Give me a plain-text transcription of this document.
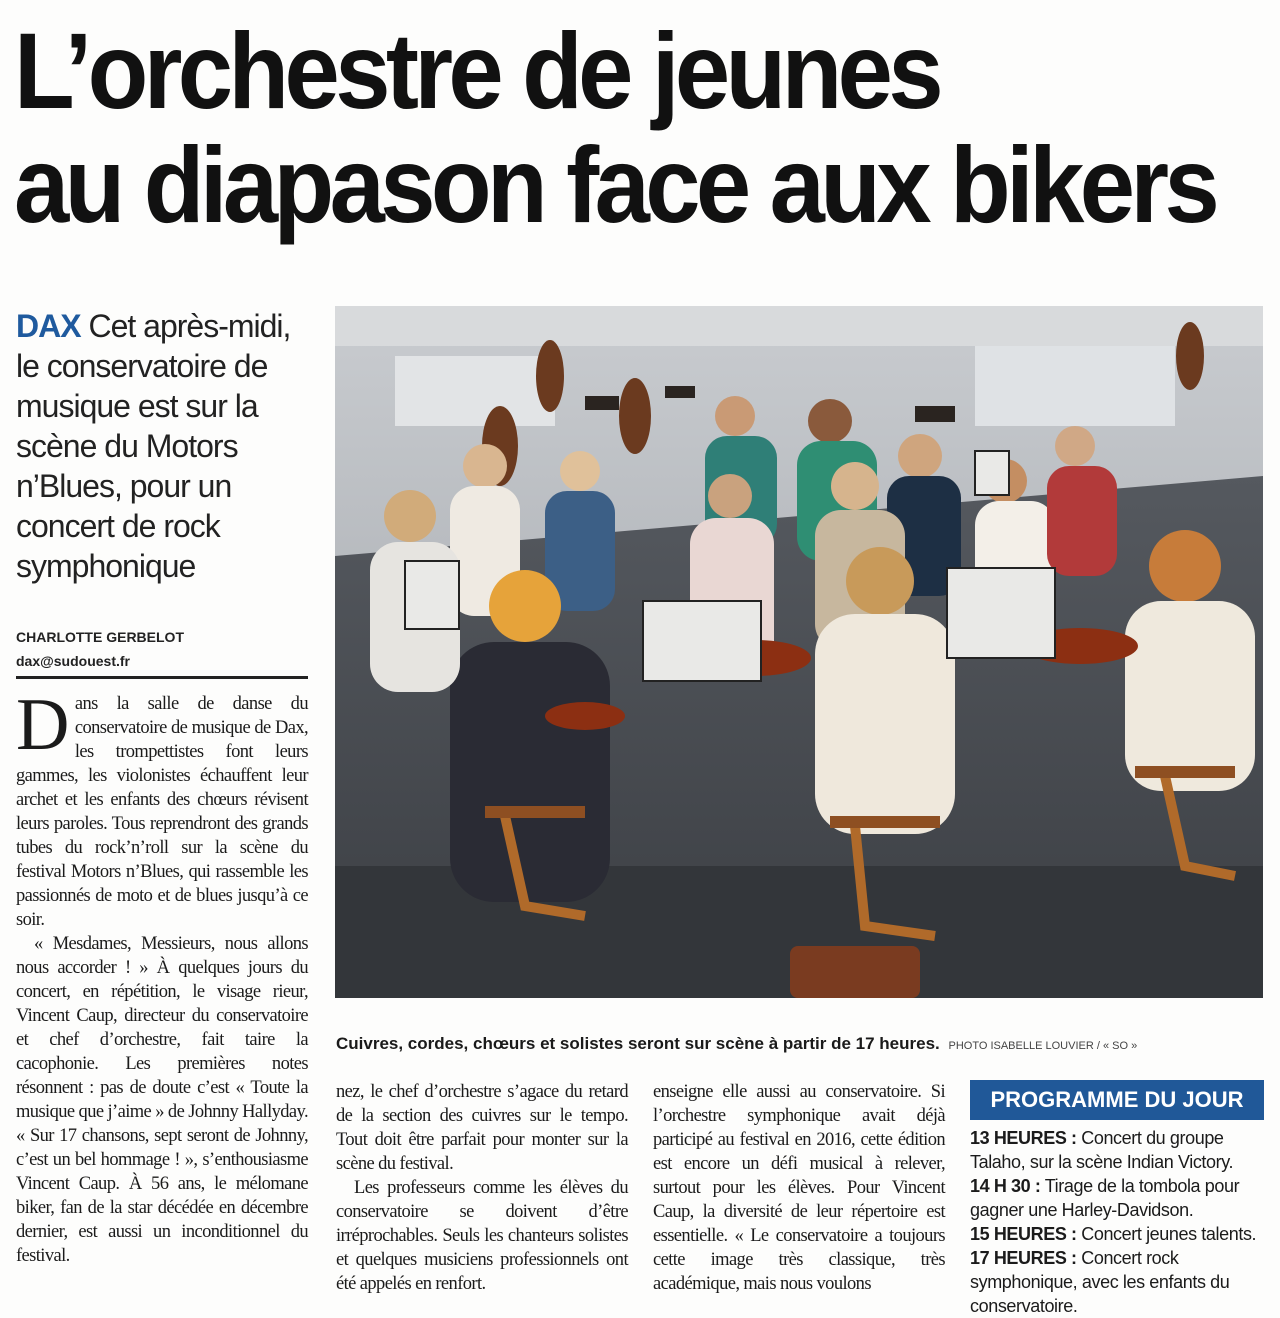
L’orchestre de jeunes
au diapason face aux bikers
DAX Cet après-midi, le conservatoire de musique est sur la scène du Motors n’Blues, pour un concert de rock symphonique
CHARLOTTE GERBELOT
dax@sudouest.fr

Dans la salle de danse du conservatoire de musique de Dax, les trompettistes font leurs gammes, les violonistes échauffent leur archet et les enfants des chœurs révisent leurs paroles. Tous reprendront des grands tubes du rock’n’roll sur la scène du festival Motors n’Blues, qui rassemble les passionnés de moto et de blues jusqu’à ce soir.

« Mesdames, Messieurs, nous allons nous accorder ! » À quelques jours du concert, en répétition, le visage rieur, Vincent Caup, directeur du conservatoire et chef d’orchestre, fait taire la cacophonie. Les premières notes résonnent : pas de doute c’est « Toute la musique que j’aime » de Johnny Hallyday. « Sur 17 chansons, sept seront de Johnny, c’est un bel hommage ! », s’enthousiasme Vincent Caup. À 56 ans, le mélomane biker, fan de la star décédée en décembre dernier, est aussi un inconditionnel du festival.

Cuivres, cordes, chœurs et solistes seront sur scène à partir de 17 heures. PHOTO ISABELLE LOUVIER / « SO »

nez, le chef d’orchestre s’agace du retard de la section des cuivres sur le tempo. Tout doit être parfait pour monter sur la scène du festival.

Les professeurs comme les élèves du conservatoire se doivent d’être irréprochables. Seuls les chanteurs solistes et quelques musiciens professionnels ont été appelés en renfort.

enseigne elle aussi au conservatoire. Si l’orchestre symphonique avait déjà participé au festival en 2016, cette édition est encore un défi musical à relever, surtout pour les élèves. Pour Vincent Caup, la diversité de leur répertoire est essentielle. « Le conservatoire a toujours cette image très classique, très académique, mais nous voulons

PROGRAMME DU JOUR

13 HEURES : Concert du groupe Talaho, sur la scène Indian Victory.

14 H 30 : Tirage de la tombola pour gagner une Harley-Davidson.

15 HEURES : Concert jeunes talents.

17 HEURES : Concert rock symphonique, avec les enfants du conservatoire.
